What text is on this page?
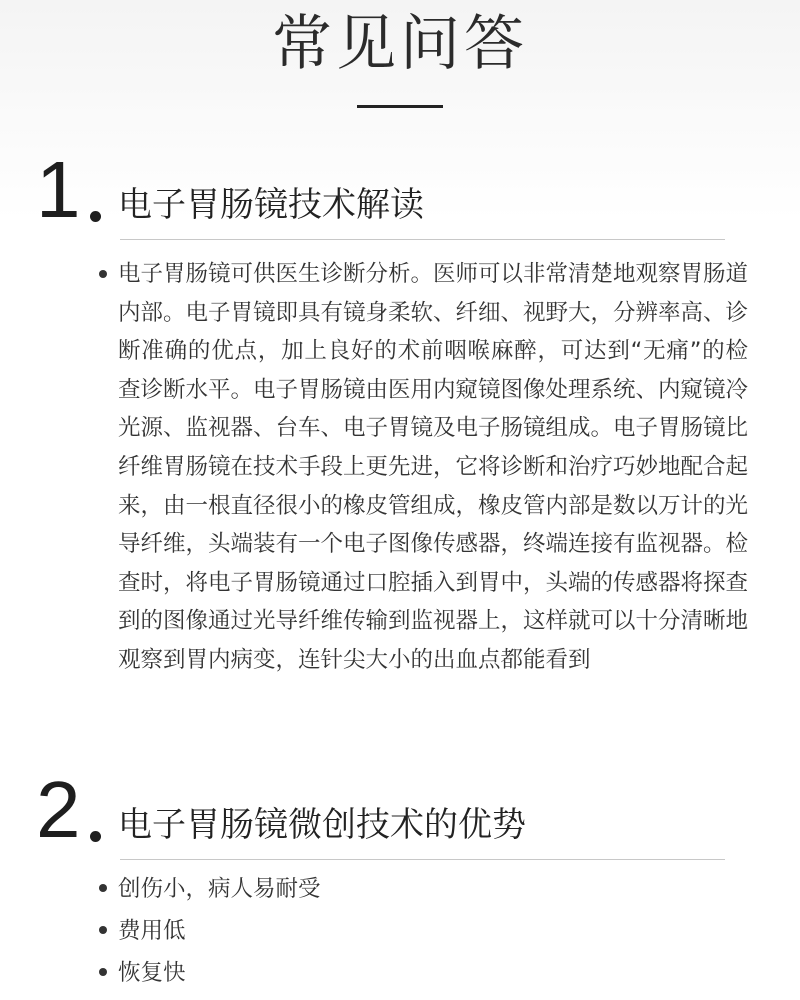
常见问答
1 电子胃肠镜技术解读

电子胃肠镜可供医生诊断分析。医师可以非常清楚地观察胃肠道内部。电子胃镜即具有镜身柔软、纤细、视野大，分辨率高、诊断准确的优点，加上良好的术前咽喉麻醉，可达到“无痛”的检查诊断水平。电子胃肠镜由医用内窥镜图像处理系统、内窥镜冷光源、监视器、台车、电子胃镜及电子肠镜组成。电子胃肠镜比纤维胃肠镜在技术手段上更先进，它将诊断和治疗巧妙地配合起来，由一根直径很小的橡皮管组成，橡皮管内部是数以万计的光导纤维，头端装有一个电子图像传感器，终端连接有监视器。检查时，将电子胃肠镜通过口腔插入到胃中，头端的传感器将探查到的图像通过光导纤维传输到监视器上，这样就可以十分清晰地观察到胃内病变，连针尖大小的出血点都能看到

2 电子胃肠镜微创技术的优势
创伤小，病人易耐受
费用低
恢复快
